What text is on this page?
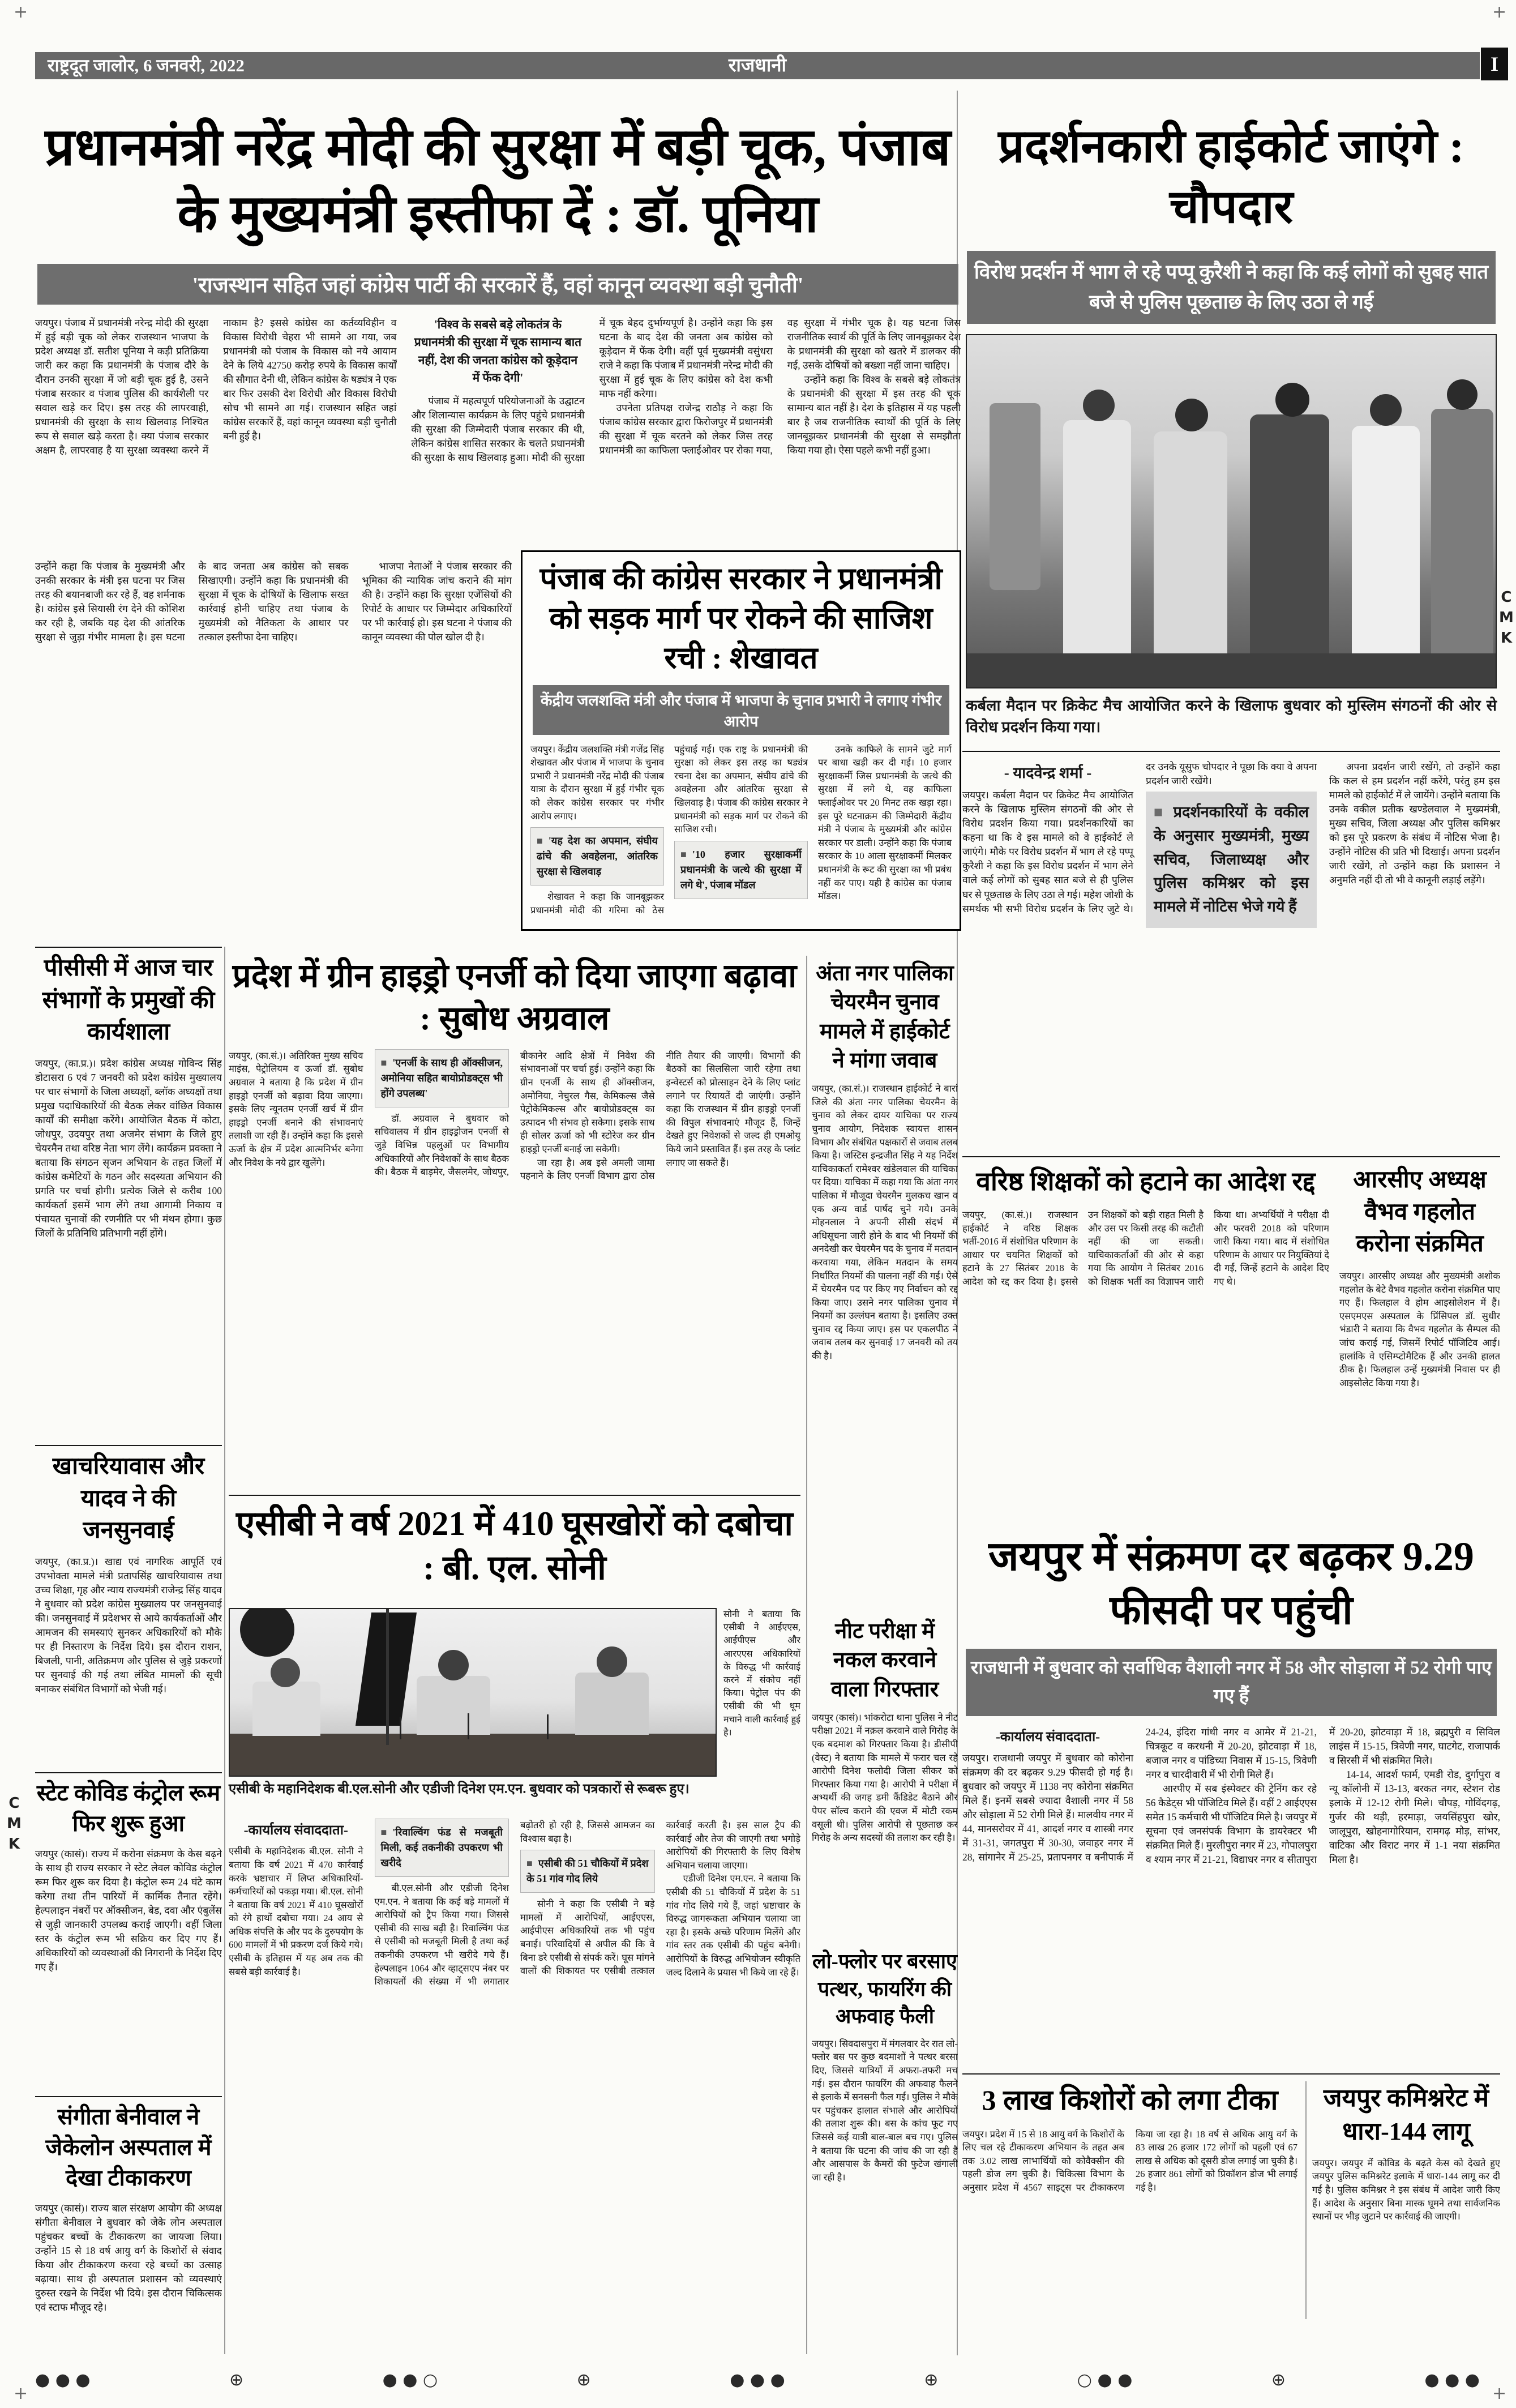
+	+
+	+
राष्ट्रदूत जालोर, 6 जनवरी, 2022	राजधानी	I
C
M
K
C
M
K
प्रधानमंत्री नरेंद्र मोदी की सुरक्षा में बड़ी चूक, पंजाब के मुख्यमंत्री इस्तीफा दें : डॉ. पूनिया
'राजस्थान सहित जहां कांग्रेस पार्टी की सरकारें हैं, वहां कानून व्यवस्था बड़ी चुनौती'

जयपुर। पंजाब में प्रधानमंत्री नरेन्द्र मोदी की सुरक्षा में हुई बड़ी चूक को लेकर राजस्थान भाजपा के प्रदेश अध्यक्ष डॉ. सतीश पूनिया ने कड़ी प्रतिक्रिया जारी कर कहा कि प्रधानमंत्री के पंजाब दौरे के दौरान उनकी सुरक्षा में जो बड़ी चूक हुई है, उसने पंजाब सरकार व पंजाब पुलिस की कार्यशैली पर सवाल खड़े कर दिए। इस तरह की लापरवाही, प्रधानमंत्री की सुरक्षा के साथ खिलवाड़ निश्चित रूप से सवाल खड़े करता है। क्या पंजाब सरकार अक्षम है, लापरवाह है या सुरक्षा व्यवस्था करने में नाकाम है? इससे कांग्रेस का कर्तव्यविहीन व विकास विरोधी चेहरा भी सामने आ गया, जब प्रधानमंत्री को पंजाब के विकास को नये आयाम देने के लिये 42750 करोड़ रुपये के विकास कार्यों की सौगात देनी थी, लेकिन कांग्रेस के षड्यंत्र ने एक बार फिर उसकी देश विरोधी और विकास विरोधी सोच भी सामने आ गई। राजस्थान सहित जहां कांग्रेस सरकारें हैं, वहां कानून व्यवस्था बड़ी चुनौती बनी हुई है।

'विश्व के सबसे बड़े लोकतंत्र के प्रधानमंत्री की सुरक्षा में चूक सामान्य बात नहीं, देश की जनता कांग्रेस को कूड़ेदान में फेंक देगी'

पंजाब में महत्वपूर्ण परियोजनाओं के उद्घाटन और शिलान्यास कार्यक्रम के लिए पहुंचे प्रधानमंत्री की सुरक्षा की जिम्मेदारी पंजाब सरकार की थी, लेकिन कांग्रेस शासित सरकार के चलते प्रधानमंत्री की सुरक्षा के साथ खिलवाड़ हुआ। मोदी की सुरक्षा में चूक बेहद दुर्भाग्यपूर्ण है। उन्होंने कहा कि इस घटना के बाद देश की जनता अब कांग्रेस को कूड़ेदान में फेंक देगी। वहीं पूर्व मुख्यमंत्री वसुंधरा राजे ने कहा कि पंजाब में प्रधानमंत्री नरेन्द्र मोदी की सुरक्षा में हुई चूक के लिए कांग्रेस को देश कभी माफ नहीं करेगा।

उपनेता प्रतिपक्ष राजेन्द्र राठौड़ ने कहा कि पंजाब कांग्रेस सरकार द्वारा फिरोजपुर में प्रधानमंत्री की सुरक्षा में चूक बरतने को लेकर जिस तरह प्रधानमंत्री का काफिला फ्लाईओवर पर रोका गया, वह सुरक्षा में गंभीर चूक है। यह घटना जिस राजनीतिक स्वार्थ की पूर्ति के लिए जानबूझकर देश के प्रधानमंत्री की सुरक्षा को खतरे में डालकर की गई, उसके दोषियों को बख्शा नहीं जाना चाहिए।

उन्होंने कहा कि विश्व के सबसे बड़े लोकतंत्र के प्रधानमंत्री की सुरक्षा में इस तरह की चूक सामान्य बात नहीं है। देश के इतिहास में यह पहली बार है जब राजनीतिक स्वार्थों की पूर्ति के लिए जानबूझकर प्रधानमंत्री की सुरक्षा से समझौता किया गया हो। ऐसा पहले कभी नहीं हुआ।

उन्होंने कहा कि पंजाब के मुख्यमंत्री और उनकी सरकार के मंत्री इस घटना पर जिस तरह की बयानबाजी कर रहे हैं, वह शर्मनाक है। कांग्रेस इसे सियासी रंग देने की कोशिश कर रही है, जबकि यह देश की आंतरिक सुरक्षा से जुड़ा गंभीर मामला है। इस घटना के बाद जनता अब कांग्रेस को सबक सिखाएगी। उन्होंने कहा कि प्रधानमंत्री की सुरक्षा में चूक के दोषियों के खिलाफ सख्त कार्रवाई होनी चाहिए तथा पंजाब के मुख्यमंत्री को नैतिकता के आधार पर तत्काल इस्तीफा देना चाहिए।

भाजपा नेताओं ने पंजाब सरकार की भूमिका की न्यायिक जांच कराने की मांग की है। उन्होंने कहा कि सुरक्षा एजेंसियों की रिपोर्ट के आधार पर जिम्मेदार अधिकारियों पर भी कार्रवाई हो। इस घटना ने पंजाब की कानून व्यवस्था की पोल खोल दी है।

पंजाब की कांग्रेस सरकार ने प्रधानमंत्री को सड़क मार्ग पर रोकने की साजिश रची : शेखावत
केंद्रीय जलशक्ति मंत्री और पंजाब में भाजपा के चुनाव प्रभारी ने लगाए गंभीर आरोप

जयपुर। केंद्रीय जलशक्ति मंत्री गजेंद्र सिंह शेखावत और पंजाब में भाजपा के चुनाव प्रभारी ने प्रधानमंत्री नरेंद्र मोदी की पंजाब यात्रा के दौरान सुरक्षा में हुई गंभीर चूक को लेकर कांग्रेस सरकार पर गंभीर आरोप लगाए।

■ 'यह देश का अपमान, संघीय ढांचे की अवहेलना, आंतरिक सुरक्षा से खिलवाड़

शेखावत ने कहा कि जानबूझकर प्रधानमंत्री मोदी की गरिमा को ठेस पहुंचाई गई। एक राष्ट्र के प्रधानमंत्री की सुरक्षा को लेकर इस तरह का षड्यंत्र रचना देश का अपमान, संघीय ढांचे की अवहेलना और आंतरिक सुरक्षा से खिलवाड़ है। पंजाब की कांग्रेस सरकार ने प्रधानमंत्री को सड़क मार्ग पर रोकने की साजिश रची।

■ '10 हजार सुरक्षाकर्मी प्रधानमंत्री के जत्थे की सुरक्षा में लगे थे', पंजाब मॉडल

उनके काफिले के सामने जुटे मार्ग पर बाधा खड़ी कर दी गई। 10 हजार सुरक्षाकर्मी जिस प्रधानमंत्री के जत्थे की सुरक्षा में लगे थे, वह काफिला फ्लाईओवर पर 20 मिनट तक खड़ा रहा। इस पूरे घटनाक्रम की जिम्मेदारी केंद्रीय मंत्री ने पंजाब के मुख्यमंत्री और कांग्रेस सरकार पर डाली। उन्होंने कहा कि पंजाब सरकार के 10 आला सुरक्षाकर्मी मिलकर प्रधानमंत्री के रूट की सुरक्षा का भी प्रबंध नहीं कर पाए। यही है कांग्रेस का पंजाब मॉडल।

प्रदर्शनकारी हाईकोर्ट जाएंगे : चौपदार
विरोध प्रदर्शन में भाग ले रहे पप्पू कुरैशी ने कहा कि कई लोगों को सुबह सात बजे से पुलिस पूछताछ के लिए उठा ले गई
कर्बला मैदान पर क्रिकेट मैच आयोजित करने के खिलाफ बुधवार को मुस्लिम संगठनों की ओर से विरोध प्रदर्शन किया गया।
- यादवेन्द्र शर्मा -

जयपुर। कर्बला मैदान पर क्रिकेट मैच आयोजित करने के खिलाफ मुस्लिम संगठनों की ओर से विरोध प्रदर्शन किया गया। प्रदर्शनकारियों का कहना था कि वे इस मामले को वे हाईकोर्ट ले जाएंगे। मौके पर विरोध प्रदर्शन में भाग ले रहे पप्पू कुरैशी ने कहा कि इस विरोध प्रदर्शन में भाग लेने वाले कई लोगों को सुबह सात बजे से ही पुलिस घर से पूछताछ के लिए उठा ले गई। महेश जोशी के समर्थक भी सभी विरोध प्रदर्शन के लिए जुटे थे। दर उनके यूसुफ चोपदार ने पूछा कि क्या वे अपना प्रदर्शन जारी रखेंगे।

■ प्रदर्शनकारियों के वकील के अनुसार मुख्यमंत्री, मुख्य सचिव, जिलाध्यक्ष और पुलिस कमिश्नर को इस मामले में नोटिस भेजे गये हैं

अपना प्रदर्शन जारी रखेंगे, तो उन्होंने कहा कि कल से हम प्रदर्शन नहीं करेंगे, परंतु हम इस मामले को हाईकोर्ट में ले जायेंगे। उन्होंने बताया कि उनके वकील प्रतीक खण्डेलवाल ने मुख्यमंत्री, मुख्य सचिव, जिला अध्यक्ष और पुलिस कमिश्नर को इस पूरे प्रकरण के संबंध में नोटिस भेजा है। उन्होंने नोटिस की प्रति भी दिखाई। अपना प्रदर्शन जारी रखेंगे, तो उन्होंने कहा कि प्रशासन ने अनुमति नहीं दी तो भी वे कानूनी लड़ाई लड़ेंगे।

वरिष्ठ शिक्षकों को हटाने का आदेश रद्द

जयपुर, (का.सं.)। राजस्थान हाईकोर्ट ने वरिष्ठ शिक्षक भर्ती-2016 में संशोधित परिणाम के आधार पर चयनित शिक्षकों को हटाने के 27 सितंबर 2018 के आदेश को रद्द कर दिया है। इससे उन शिक्षकों को बड़ी राहत मिली है और उस पर किसी तरह की कटौती नहीं की जा सकती। याचिकाकर्ताओं की ओर से कहा गया कि आयोग ने सितंबर 2016 को शिक्षक भर्ती का विज्ञापन जारी किया था। अभ्यर्थियों ने परीक्षा दी और फरवरी 2018 को परिणाम जारी किया गया। बाद में संशोधित परिणाम के आधार पर नियुक्तियां दे दी गईं, जिन्हें हटाने के आदेश दिए गए थे।

आरसीए अध्यक्ष वैभव गहलोत करोना संक्रमित

जयपुर। आरसीए अध्यक्ष और मुख्यमंत्री अशोक गहलोत के बेटे वैभव गहलोत करोना संक्रमित पाए गए हैं। फिलहाल वे होम आइसोलेशन में हैं। एसएमएस अस्पताल के प्रिंसिपल डॉ. सुधीर भंडारी ने बताया कि वैभव गहलोत के सैम्पल की जांच कराई गई, जिसमें रिपोर्ट पॉजिटिव आई। हालांकि वे एसिम्प्टोमैटिक हैं और उनकी हालत ठीक है। फिलहाल उन्हें मुख्यमंत्री निवास पर ही आइसोलेट किया गया है।

जयपुर में संक्रमण दर बढ़कर 9.29 फीसदी पर पहुंची
राजधानी में बुधवार को सर्वाधिक वैशाली नगर में 58 और सोड़ाला में 52 रोगी पाए गए हैं
-कार्यालय संवाददाता-

जयपुर। राजधानी जयपुर में बुधवार को कोरोना संक्रमण की दर बढ़कर 9.29 फीसदी हो गई है। बुधवार को जयपुर में 1138 नए कोरोना संक्रमित मिले हैं। इनमें सबसे ज्यादा वैशाली नगर में 58 और सोड़ाला में 52 रोगी मिले हैं। मालवीय नगर में 44, मानसरोवर में 41, आदर्श नगर व शास्त्री नगर में 31-31, जगतपुरा में 30-30, जवाहर नगर में 28, सांगानेर में 25-25, प्रतापनगर व बनीपार्क में 24-24, इंदिरा गांधी नगर व आमेर में 21-21, चित्रकूट व करधनी में 20-20, झोटवाड़ा में 18, बजाज नगर व पांडिच्या निवास में 15-15, त्रिवेणी नगर व चारदीवारी में भी रोगी मिले हैं।

आरपीए में सब इंस्पेक्टर की ट्रेनिंग कर रहे 56 कैडेट्स भी पॉजिटिव मिले हैं। वहीं 2 आईएएस समेत 15 कर्मचारी भी पॉजिटिव मिले है। जयपुर में सूचना एवं जनसंपर्क विभाग के डायरेक्टर भी संक्रमित मिले हैं। मुरलीपुरा नगर में 23, गोपालपुरा व श्याम नगर में 21-21, विद्याधर नगर व सीतापुरा में 20-20, झोटवाड़ा में 18, ब्रह्मपुरी व सिविल लाइंस में 15-15, त्रिवेणी नगर, घाटगेट, राजापार्क व सिरसी में भी संक्रमित मिले।

14-14, आदर्श फार्म, एमडी रोड, दुर्गापुरा व न्यू कॉलोनी में 13-13, बरकत नगर, स्टेशन रोड इलाके में 12-12 रोगी मिले। चौपड़, गोविंदगढ़, गुर्जर की थड़ी, हरमाड़ा, जयसिंहपुरा खोर, जालूपुरा, खोहनागोरियान, रामगढ़ मोड़, सांभर, वाटिका और विराट नगर में 1-1 नया संक्रमित मिला है।

3 लाख किशोरों को लगा टीका

जयपुर। प्रदेश में 15 से 18 आयु वर्ग के किशोरों के लिए चल रहे टीकाकरण अभियान के तहत अब तक 3.02 लाख लाभार्थियों को कोवैक्सीन की पहली डोज लग चुकी है। चिकित्सा विभाग के अनुसार प्रदेश में 4567 साइट्स पर टीकाकरण किया जा रहा है। 18 वर्ष से अधिक आयु वर्ग के 83 लाख 26 हजार 172 लोगों को पहली एवं 67 लाख से अधिक को दूसरी डोज लगाई जा चुकी है। 26 हजार 861 लोगों को प्रिकॉशन डोज भी लगाई गई है।

जयपुर कमिश्नरेट में धारा-144 लागू

जयपुर। जयपुर में कोविड के बढ़ते केस को देखते हुए जयपुर पुलिस कमिश्नरेट इलाके में धारा-144 लागू कर दी गई है। पुलिस कमिश्नर ने इस संबंध में आदेश जारी किए हैं। आदेश के अनुसार बिना मास्क घूमने तथा सार्वजनिक स्थानों पर भीड़ जुटाने पर कार्रवाई की जाएगी।

पीसीसी में आज चार संभागों के प्रमुखों की कार्यशाला

जयपुर, (का.प्र.)। प्रदेश कांग्रेस अध्यक्ष गोविन्द सिंह डोटासरा 6 एवं 7 जनवरी को प्रदेश कांग्रेस मुख्यालय पर चार संभागों के जिला अध्यक्षों, ब्लॉक अध्यक्षों तथा प्रमुख पदाधिकारियों की बैठक लेकर वांछित विकास कार्यों की समीक्षा करेंगे। आयोजित बैठक में कोटा, जोधपुर, उदयपुर तथा अजमेर संभाग के जिले हुए चेयरमैन तथा वरिष्ठ नेता भाग लेंगे। कार्यक्रम प्रवक्ता ने बताया कि संगठन सृजन अभियान के तहत जिलों में कांग्रेस कमेटियों के गठन और सदस्यता अभियान की प्रगति पर चर्चा होगी। प्रत्येक जिले से करीब 100 कार्यकर्ता इसमें भाग लेंगे तथा आगामी निकाय व पंचायत चुनावों की रणनीति पर भी मंथन होगा। कुछ जिलों के प्रतिनिधि प्रतिभागी नहीं होंगे।

खाचरियावास और यादव ने की जनसुनवाई

जयपुर, (का.प्र.)। खाद्य एवं नागरिक आपूर्ति एवं उपभोक्ता मामले मंत्री प्रतापसिंह खाचरियावास तथा उच्च शिक्षा, गृह और न्याय राज्यमंत्री राजेन्द्र सिंह यादव ने बुधवार को प्रदेश कांग्रेस मुख्यालय पर जनसुनवाई की। जनसुनवाई में प्रदेशभर से आये कार्यकर्ताओं और आमजन की समस्याएं सुनकर अधिकारियों को मौके पर ही निस्तारण के निर्देश दिये। इस दौरान राशन, बिजली, पानी, अतिक्रमण और पुलिस से जुड़े प्रकरणों पर सुनवाई की गई तथा लंबित मामलों की सूची बनाकर संबंधित विभागों को भेजी गई।

स्टेट कोविड कंट्रोल रूम फिर शुरू हुआ

जयपुर (कासं)। राज्य में करोना संक्रमण के केस बढ़ने के साथ ही राज्य सरकार ने स्टेट लेवल कोविड कंट्रोल रूम फिर शुरू कर दिया है। कंट्रोल रूम 24 घंटे काम करेगा तथा तीन पारियों में कार्मिक तैनात रहेंगे। हेल्पलाइन नंबरों पर ऑक्सीजन, बेड, दवा और एंबुलेंस से जुड़ी जानकारी उपलब्ध कराई जाएगी। वहीं जिला स्तर के कंट्रोल रूम भी सक्रिय कर दिए गए हैं। अधिकारियों को व्यवस्थाओं की निगरानी के निर्देश दिए गए हैं।

संगीता बेनीवाल ने जेकेलोन अस्पताल में देखा टीकाकरण

जयपुर (कासं)। राज्य बाल संरक्षण आयोग की अध्यक्ष संगीता बेनीवाल ने बुधवार को जेके लोन अस्पताल पहुंचकर बच्चों के टीकाकरण का जायजा लिया। उन्होंने 15 से 18 वर्ष आयु वर्ग के किशोरों से संवाद किया और टीकाकरण करवा रहे बच्चों का उत्साह बढ़ाया। साथ ही अस्पताल प्रशासन को व्यवस्थाएं दुरुस्त रखने के निर्देश भी दिये। इस दौरान चिकित्सक एवं स्टाफ मौजूद रहे।

प्रदेश में ग्रीन हाइड्रो एनर्जी को दिया जाएगा बढ़ावा : सुबोध अग्रवाल

जयपुर, (का.सं.)। अतिरिक्त मुख्य सचिव माइंस, पेट्रोलियम व ऊर्जा डॉ. सुबोध अग्रवाल ने बताया है कि प्रदेश में ग्रीन हाइड्रो एनर्जी को बढ़ावा दिया जाएगा। इसके लिए न्यूनतम एनर्जी खर्च में ग्रीन हाइड्रो एनर्जी बनाने की संभावनाएं तलाशी जा रही हैं। उन्होंने कहा कि इससे ऊर्जा के क्षेत्र में प्रदेश आत्मनिर्भर बनेगा और निवेश के नये द्वार खुलेंगे।

■ 'एनर्जी के साथ ही ऑक्सीजन, अमोनिया सहित बायोप्रोडक्ट्स भी होंगे उपलब्ध'

डॉ. अग्रवाल ने बुधवार को सचिवालय में ग्रीन हाइड्रोजन एनर्जी से जुड़े विभिन्न पहलुओं पर विभागीय अधिकारियों और निवेशकों के साथ बैठक की। बैठक में बाड़मेर, जैसलमेर, जोधपुर, बीकानेर आदि क्षेत्रों में निवेश की संभावनाओं पर चर्चा हुई। उन्होंने कहा कि ग्रीन एनर्जी के साथ ही ऑक्सीजन, अमोनिया, नेचुरल गैस, केमिकल्स जैसे पेट्रोकेमिकल्स और बायोप्रोडक्ट्स का उत्पादन भी संभव हो सकेगा। इसके साथ ही सोलर ऊर्जा को भी स्टोरेज कर ग्रीन हाइड्रो एनर्जी बनाई जा सकेगी।

जा रहा है। अब इसे अमली जामा पहनाने के लिए एनर्जी विभाग द्वारा ठोस नीति तैयार की जाएगी। विभागों की बैठकों का सिलसिला जारी रहेगा तथा इन्वेस्टर्स को प्रोत्साहन देने के लिए प्लांट लगाने पर रियायतें दी जाएंगी। उन्होंने कहा कि राजस्थान में ग्रीन हाइड्रो एनर्जी की विपुल संभावनाएं मौजूद हैं, जिन्हें देखते हुए निवेशकों से जल्द ही एमओयू किये जाने प्रस्तावित हैं। इस तरह के प्लांट लगाए जा सकते हैं।

एसीबी ने वर्ष 2021 में 410 घूसखोरों को दबोचा : बी. एल. सोनी

सोनी ने बताया कि एसीबी ने आईएएस, आईपीएस और आरएएस अधिकारियों के विरुद्ध भी कार्रवाई करने में संकोच नहीं किया। पेट्रोल पंप की एसीबी की भी धूम मचाने वाली कार्रवाई हुई है।

एसीबी के महानिदेशक बी.एल.सोनी और एडीजी दिनेश एम.एन. बुधवार को पत्रकारों से रूबरू हुए।
-कार्यालय संवाददाता-

एसीबी के महानिदेशक बी.एल. सोनी ने बताया कि वर्ष 2021 में 470 कार्रवाई करके भ्रष्टाचार में लिप्त अधिकारियों-कर्मचारियों को पकड़ा गया। बी.एल. सोनी ने बताया कि वर्ष 2021 में 410 घूसखोरों को रंगे हाथों दबोचा गया। 24 आय से अधिक संपत्ति के और पद के दुरुपयोग के 600 मामलों में भी प्रकरण दर्ज किये गये। एसीबी के इतिहास में यह अब तक की सबसे बड़ी कार्रवाई है।

■ 'रिवाल्विंग फंड से मजबूती मिली, कई तकनीकी उपकरण भी खरीदे

बी.एल.सोनी और एडीजी दिनेश एम.एन. ने बताया कि कई बड़े मामलों में आरोपियों को ट्रैप किया गया। जिससे एसीबी की साख बढ़ी है। रिवाल्विंग फंड से एसीबी को मजबूती मिली है तथा कई तकनीकी उपकरण भी खरीदे गये हैं। हेल्पलाइन 1064 और व्हाट्सएप नंबर पर शिकायतों की संख्या में भी लगातार बढ़ोतरी हो रही है, जिससे आमजन का विश्वास बढ़ा है।

■ एसीबी की 51 चौकियों में प्रदेश के 51 गांव गोद लिये

सोनी ने कहा कि एसीबी ने बड़े मामलों में आरोपियों, आईएएस, आईपीएस अधिकारियों तक भी पहुंच बनाई। परिवादियों से अपील की कि वे बिना डरे एसीबी से संपर्क करें। घूस मांगने वालों की शिकायत पर एसीबी तत्काल कार्रवाई करती है। इस साल ट्रैप की कार्रवाई और तेज की जाएगी तथा भगोड़े आरोपियों की गिरफ्तारी के लिए विशेष अभियान चलाया जाएगा।

एडीजी दिनेश एम.एन. ने बताया कि एसीबी की 51 चौकियों में प्रदेश के 51 गांव गोद लिये गये हैं, जहां भ्रष्टाचार के विरुद्ध जागरूकता अभियान चलाया जा रहा है। इसके अच्छे परिणाम मिलेंगे और गांव स्तर तक एसीबी की पहुंच बनेगी। आरोपियों के विरुद्ध अभियोजन स्वीकृति जल्द दिलाने के प्रयास भी किये जा रहे हैं।

अंता नगर पालिका चेयरमैन चुनाव मामले में हाईकोर्ट ने मांगा जवाब

जयपुर, (का.सं.)। राजस्थान हाईकोर्ट ने बारां जिले की अंता नगर पालिका चेयरमैन के चुनाव को लेकर दायर याचिका पर राज्य चुनाव आयोग, निदेशक स्वायत्त शासन विभाग और संबंधित पक्षकारों से जवाब तलब किया है। जस्टिस इन्द्रजीत सिंह ने यह निर्देश याचिकाकर्ता रामेश्वर खंडेलवाल की याचिका पर दिया। याचिका में कहा गया कि अंता नगर पालिका में मौजूदा चेयरमैन मुलकच खान व एक अन्य वार्ड पार्षद चुने गये। उनके मोहनलाल ने अपनी सीसी संदर्भ में अधिसूचना जारी होने के बाद भी नियमों की अनदेखी कर चेयरमैन पद के चुनाव में मतदान करवाया गया, लेकिन मतदान के समय निर्धारित नियमों की पालना नहीं की गई। ऐसे में चेयरमैन पद पर किए गए निर्वाचन को रद्द किया जाए। उसने नगर पालिका चुनाव में नियमों का उल्लंघन बताया है। इसलिए उक्त चुनाव रद्द किया जाए। इस पर एकलपीठ ने जवाब तलब कर सुनवाई 17 जनवरी को तय की है।

नीट परीक्षा में नकल करवाने वाला गिरफ्तार

जयपुर (कासं)। भांकरोटा थाना पुलिस ने नीट परीक्षा 2021 में नक़ल करवाने वाले गिरोह के एक बदमाश को गिरफ्तार किया है। डीसीपी (वेस्ट) ने बताया कि मामले में फरार चल रहे आरोपी दिनेश फलोदी जिला सीकर को गिरफ्तार किया गया है। आरोपी ने परीक्षा में अभ्यर्थी की जगह डमी कैंडिडेट बैठाने और पेपर सॉल्व कराने की एवज में मोटी रकम वसूली थी। पुलिस आरोपी से पूछताछ कर गिरोह के अन्य सदस्यों की तलाश कर रही है।

लो-फ्लोर पर बरसाए पत्थर, फायरिंग की अफवाह फैली

जयपुर। सिवदासपुरा में मंगलवार देर रात लो-फ्लोर बस पर कुछ बदमाशों ने पत्थर बरसा दिए, जिससे यात्रियों में अफरा-तफरी मच गई। इस दौरान फायरिंग की अफवाह फैलने से इलाके में सनसनी फैल गई। पुलिस ने मौके पर पहुंचकर हालात संभाले और आरोपियों की तलाश शुरू की। बस के कांच फूट गए जिससे कई यात्री बाल-बाल बच गए। पुलिस ने बताया कि घटना की जांच की जा रही है और आसपास के कैमरों की फुटेज खंगाली जा रही है।

● ● ●	⊕	● ● ○	⊕	● ● ●	⊕	○ ● ●	⊕	● ● ●
